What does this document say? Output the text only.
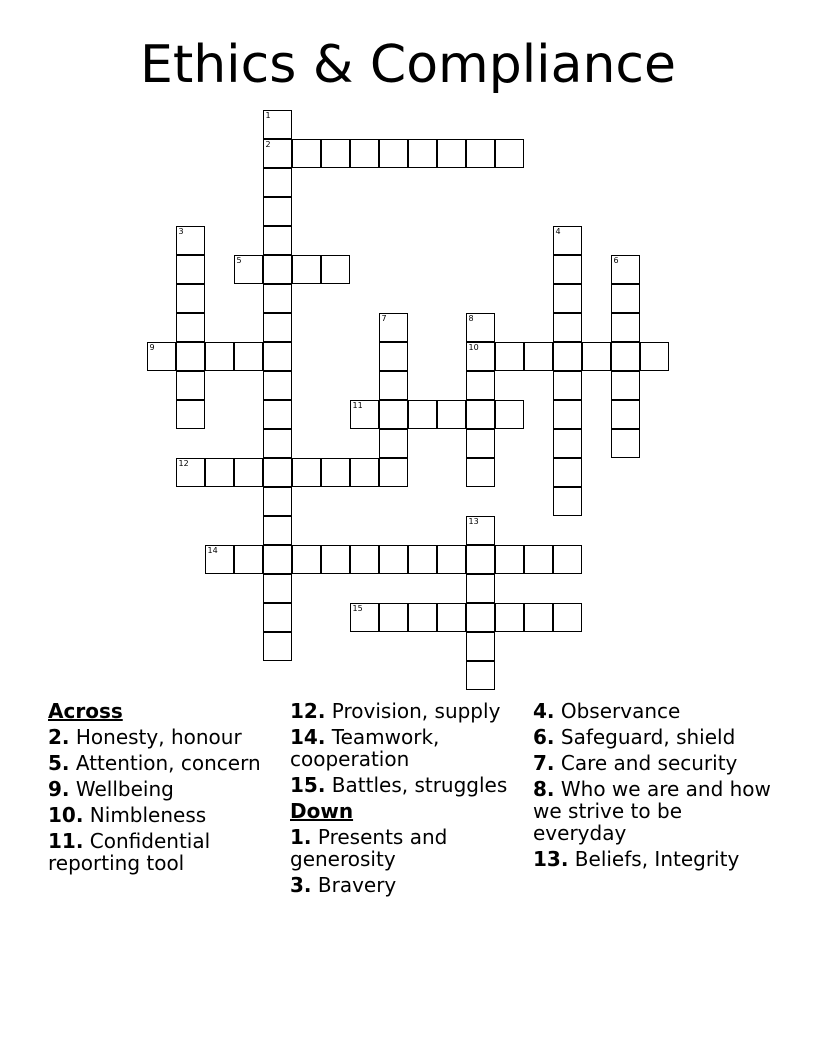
Ethics & Compliance
1
2
3	4
5	6
7	8
9	10
11
12
13
14
15
Across
2. Honesty, honour
5. Attention, concern
9. Wellbeing
10. Nimbleness
11. Confidential reporting tool
12. Provision, supply
14. Teamwork, cooperation
15. Battles, struggles
Down
1. Presents and generosity
3. Bravery
4. Observance
6. Safeguard, shield
7. Care and security
8. Who we are and how we strive to be everyday
13. Beliefs, Integrity
